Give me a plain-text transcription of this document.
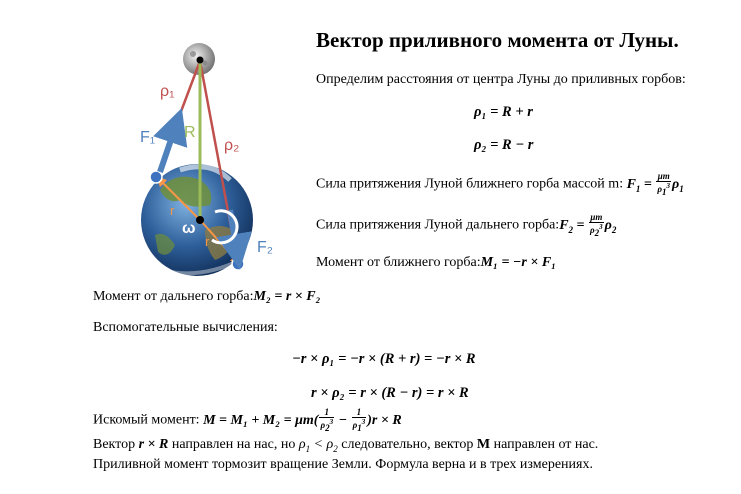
ρ₁
ρ₂
F₁
F₂
R
r
r
ω
Вектор приливного момента от Луны.
Определим расстояния от центра Луны до приливных горбов:
ρ₁ = R + r
ρ₂ = R − r
Сила притяжения Луной ближнего горба массой m: $F_1 = \frac{\mu m}{\rho_1^3} \rho_1$
Сила притяжения Луной дальнего $горба:F_2 = \frac{\mu m}{\rho_2^3} \rho_2$
Момент от ближнего горба:M₁ = −r × F₁
Момент от дальнего горба:M₂ = r × F₂
Вспомогательные вычисления:
−r × ρ₁ = −r × (R + r) = −r × R
r × ρ₂ = r × (R − r) = r × R
Искомый момент: $M = M_1 + M_2 = \mu m( \frac{1}{\rho_2^3} - \frac{1}{\rho_1^3} )r \times R$
Вектор r × R направлен на нас, но $\rho_1 < \rho_2$ следовательно, вектор M направлен от нас.
Приливной момент тормозит вращение Земли. Формула верна и в трех измерениях.
